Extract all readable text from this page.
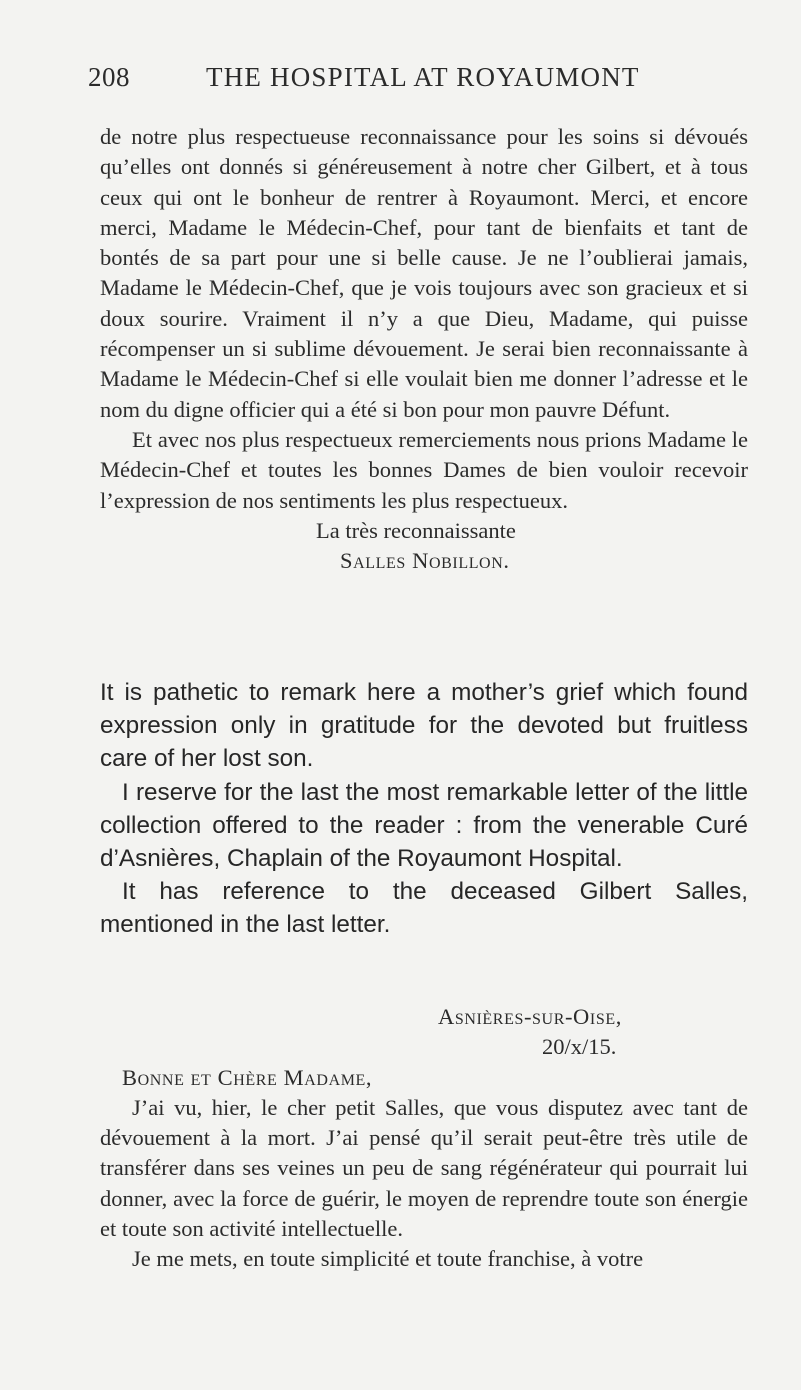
208	THE HOSPITAL AT ROYAUMONT

de notre plus respectueuse reconnaissance pour les soins si dévoués qu’elles ont donnés si généreusement à notre cher Gilbert, et à tous ceux qui ont le bonheur de rentrer à Royaumont. Merci, et encore merci, Madame le Médecin-Chef, pour tant de bienfaits et tant de bontés de sa part pour une si belle cause. Je ne l’oublierai jamais, Madame le Médecin-Chef, que je vois toujours avec son gracieux et si doux sourire. Vraiment il n’y a que Dieu, Madame, qui puisse récompenser un si sublime dévouement. Je serai bien reconnaissante à Madame le Médecin-Chef si elle voulait bien me donner l’adresse et le nom du digne officier qui a été si bon pour mon pauvre Défunt.

Et avec nos plus respectueux remerciements nous prions Madame le Médecin-Chef et toutes les bonnes Dames de bien vouloir recevoir l’expression de nos sentiments les plus respectueux.

La très reconnaissante

Salles Nobillon.

It is pathetic to remark here a mother’s grief which found expression only in gratitude for the devoted but fruitless care of her lost son.

I reserve for the last the most remarkable letter of the little collection offered to the reader : from the venerable Curé d’Asnières, Chaplain of the Royaumont Hospital.

It has reference to the deceased Gilbert Salles, mentioned in the last letter.

Asnières-sur-Oise,

20/x/15.

Bonne et Chère Madame,

J’ai vu, hier, le cher petit Salles, que vous disputez avec tant de dévouement à la mort. J’ai pensé qu’il serait peut-être très utile de transférer dans ses veines un peu de sang régénérateur qui pourrait lui donner, avec la force de guérir, le moyen de reprendre toute son énergie et toute son activité intellectuelle.

Je me mets, en toute simplicité et toute franchise, à votre
